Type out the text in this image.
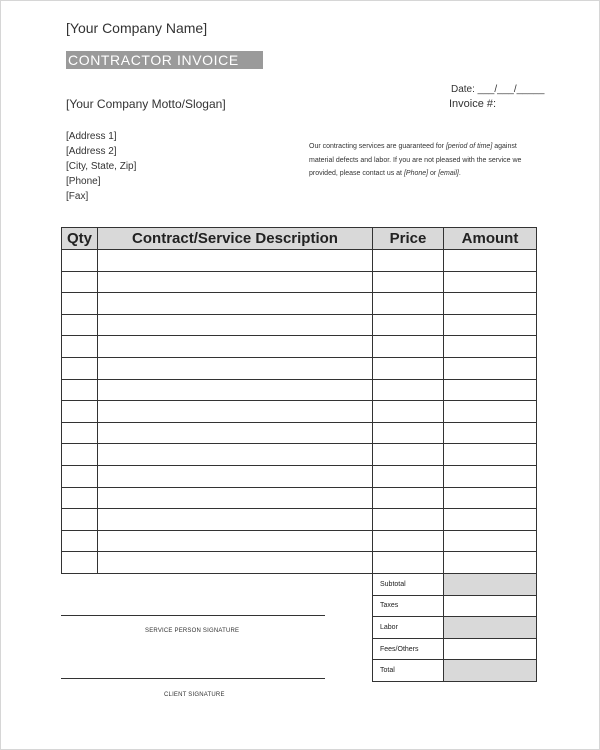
[Your Company Name]
CONTRACTOR INVOICE
[Your Company Motto/Slogan]
Date: ___/___/_____
Invoice #:
[Address 1]
[Address 2]
[City, State, Zip]
[Phone]
[Fax]
Our contracting services are guaranteed for [period of time] against material defects and labor. If you are not pleased with the service we provided, please contact us at [Phone] or [email].
Qty	Contract/Service Description	Price	Amount

Subtotal	
Taxes	
Labor	
Fees/Others	
Total	
SERVICE PERSON SIGNATURE
CLIENT SIGNATURE
